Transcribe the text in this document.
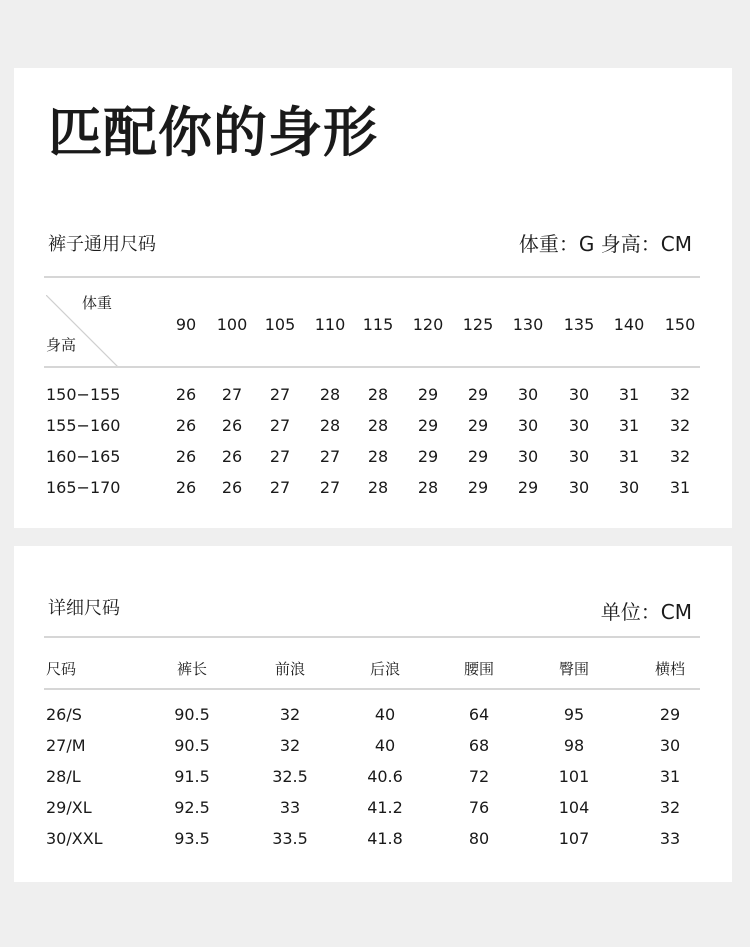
匹配你的身形
裤子通用尺码	体重：G 身高：CM
体重
身高
90 100 105 110 115 120 125 130 135 140 150
150−155	26 27 27 28 28 29 29 30 30 31 32
155−160	26 26 27 28 28 29 29 30 30 31 32
160−165	26 26 27 27 28 29 29 30 30 31 32
165−170	26 26 27 27 28 28 29 29 30 30 31
详细尺码	单位：CM
尺码	裤长	前浪	后浪	腰围	臀围	横档
26/S	90.5	32	40	64	95	29
27/M	90.5	32	40	68	98	30
28/L	91.5	32.5	40.6	72	101	31
29/XL	92.5	33	41.2	76	104	32
30/XXL	93.5	33.5	41.8	80	107	33
